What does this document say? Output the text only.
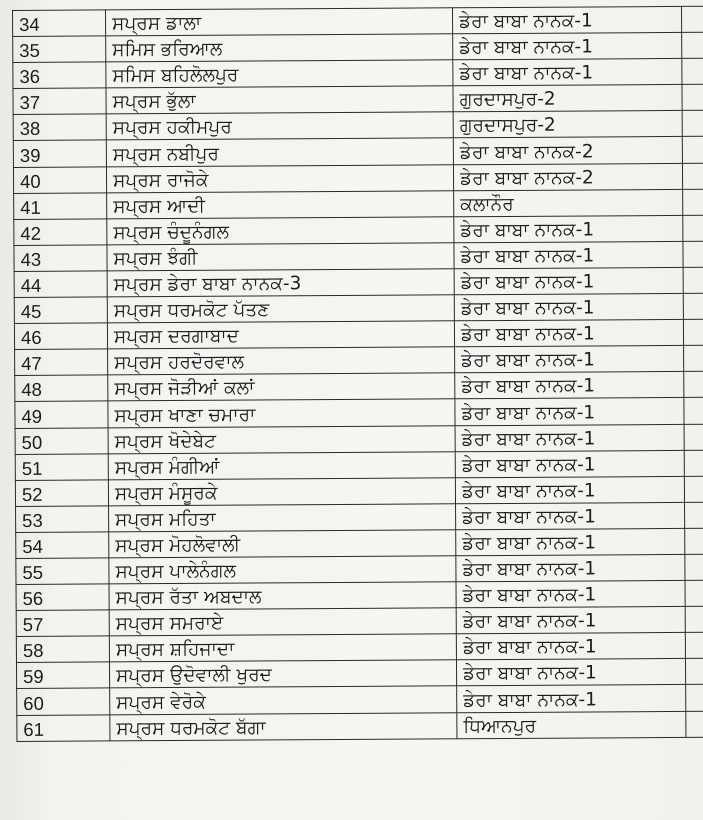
34	ਸਪ੍ਰਸ ਡਾਲਾ	ਡੇਰਾ ਬਾਬਾ ਨਾਨਕ-1	
35	ਸਮਿਸ ਭਰਿਆਲ	ਡੇਰਾ ਬਾਬਾ ਨਾਨਕ-1	
36	ਸਮਿਸ ਬਹਿਲੋਲਪੁਰ	ਡੇਰਾ ਬਾਬਾ ਨਾਨਕ-1	
37	ਸਪ੍ਰਸ ਭੁੱਲਾ	ਗੁਰਦਾਸਪੁਰ-2	
38	ਸਪ੍ਰਸ ਹਕੀਮਪੁਰ	ਗੁਰਦਾਸਪੁਰ-2	
39	ਸਪ੍ਰਸ ਨਬੀਪੁਰ	ਡੇਰਾ ਬਾਬਾ ਨਾਨਕ-2	
40	ਸਪ੍ਰਸ ਰਾਜੋਕੇ	ਡੇਰਾ ਬਾਬਾ ਨਾਨਕ-2	
41	ਸਪ੍ਰਸ ਆਦੀ	ਕਲਾਨੌਰ	
42	ਸਪ੍ਰਸ ਚੰਦੂਨੰਗਲ	ਡੇਰਾ ਬਾਬਾ ਨਾਨਕ-1	
43	ਸਪ੍ਰਸ ਝੰਗੀ	ਡੇਰਾ ਬਾਬਾ ਨਾਨਕ-1	
44	ਸਪ੍ਰਸ ਡੇਰਾ ਬਾਬਾ ਨਾਨਕ-3	ਡੇਰਾ ਬਾਬਾ ਨਾਨਕ-1	
45	ਸਪ੍ਰਸ ਧਰਮਕੋਟ ਪੱਤਣ	ਡੇਰਾ ਬਾਬਾ ਨਾਨਕ-1	
46	ਸਪ੍ਰਸ ਦਰਗਾਬਾਦ	ਡੇਰਾ ਬਾਬਾ ਨਾਨਕ-1	
47	ਸਪ੍ਰਸ ਹਰਦੋਰਵਾਲ	ਡੇਰਾ ਬਾਬਾ ਨਾਨਕ-1	
48	ਸਪ੍ਰਸ ਜੋੜੀਆਂ ਕਲਾਂ	ਡੇਰਾ ਬਾਬਾ ਨਾਨਕ-1	
49	ਸਪ੍ਰਸ ਖਾਣਾ ਚਮਾਰਾ	ਡੇਰਾ ਬਾਬਾ ਨਾਨਕ-1	
50	ਸਪ੍ਰਸ ਖੋਦੇਬੇਟ	ਡੇਰਾ ਬਾਬਾ ਨਾਨਕ-1	
51	ਸਪ੍ਰਸ ਮੰਗੀਆਂ	ਡੇਰਾ ਬਾਬਾ ਨਾਨਕ-1	
52	ਸਪ੍ਰਸ ਮੰਸੂਰਕੇ	ਡੇਰਾ ਬਾਬਾ ਨਾਨਕ-1	
53	ਸਪ੍ਰਸ ਮਹਿਤਾ	ਡੇਰਾ ਬਾਬਾ ਨਾਨਕ-1	
54	ਸਪ੍ਰਸ ਮੋਹਲੋਵਾਲੀ	ਡੇਰਾ ਬਾਬਾ ਨਾਨਕ-1	
55	ਸਪ੍ਰਸ ਪਾਲੇਨੰਗਲ	ਡੇਰਾ ਬਾਬਾ ਨਾਨਕ-1	
56	ਸਪ੍ਰਸ ਰੱਤਾ ਅਬਦਾਲ	ਡੇਰਾ ਬਾਬਾ ਨਾਨਕ-1	
57	ਸਪ੍ਰਸ ਸਮਰਾਏ	ਡੇਰਾ ਬਾਬਾ ਨਾਨਕ-1	
58	ਸਪ੍ਰਸ ਸ਼ਹਿਜਾਦਾ	ਡੇਰਾ ਬਾਬਾ ਨਾਨਕ-1	
59	ਸਪ੍ਰਸ ਉਦੋਵਾਲੀ ਖੁਰਦ	ਡੇਰਾ ਬਾਬਾ ਨਾਨਕ-1	
60	ਸਪ੍ਰਸ ਵੇਰੋਕੇ	ਡੇਰਾ ਬਾਬਾ ਨਾਨਕ-1	
61	ਸਪ੍ਰਸ ਧਰਮਕੋਟ ਬੱਗਾ	ਧਿਆਨਪੁਰ	
